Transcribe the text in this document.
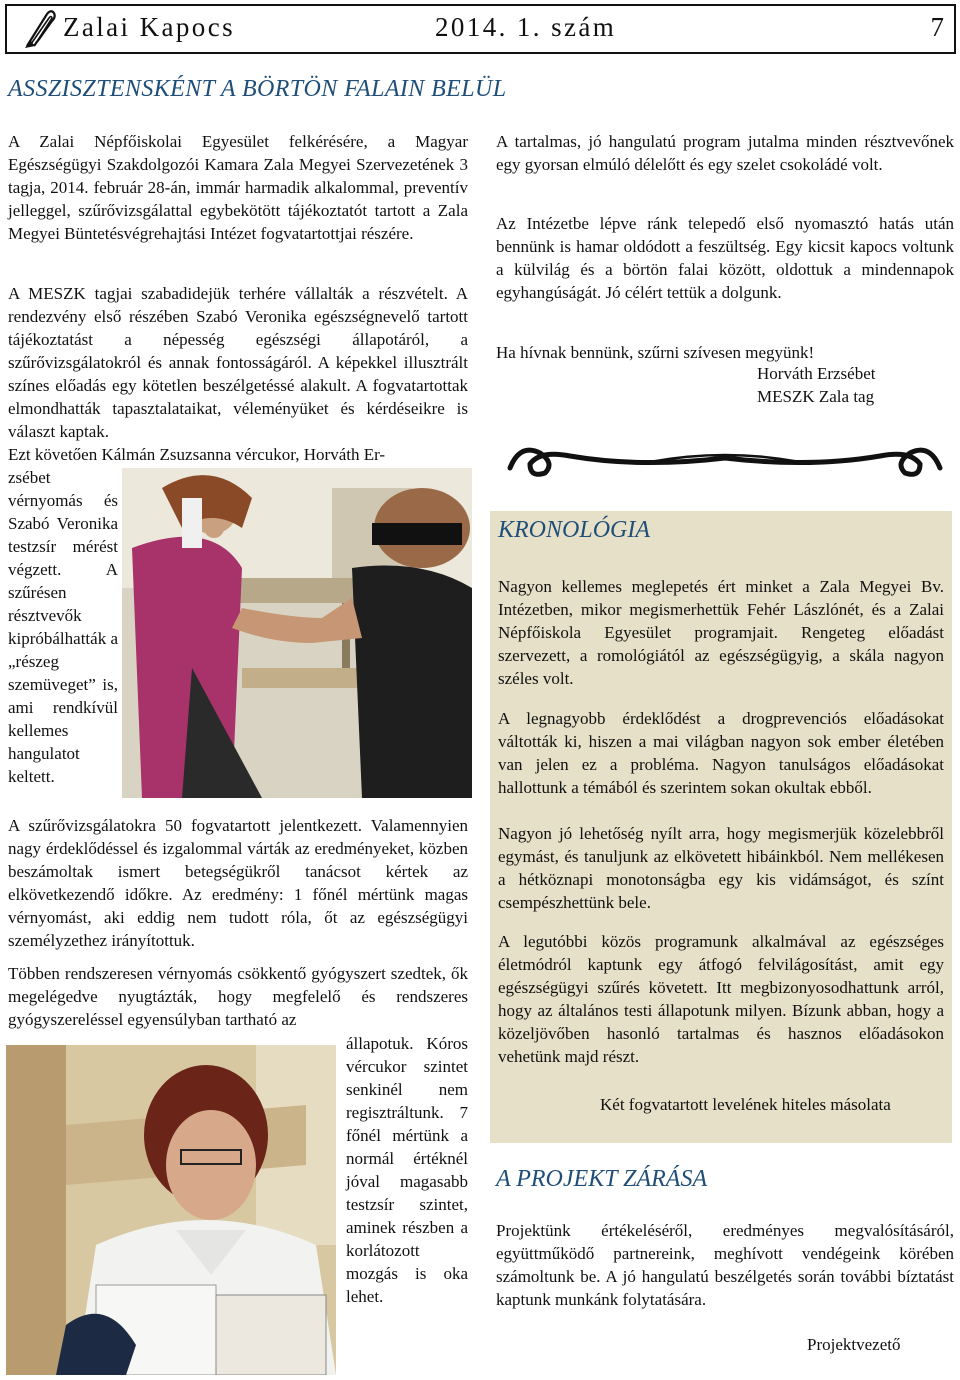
Zalai Kapocs	2014. 1. szám	7
ASSZISZTENSKÉNT A BÖRTÖN FALAIN BELÜL
A Zalai Népfőiskolai Egyesület felkérésére, a Magyar Egészségügyi Szakdolgozói Kamara Zala Megyei Szervezetének 3 tagja, 2014. február 28-án, immár harmadik alkalommal, preventív jelleggel, szűrővizsgálattal egybekötött tájékoztatót tartott a Zala Megyei Büntetésvégrehajtási Intézet fogvatartottjai részére.
A MESZK tagjai szabadidejük terhére vállalták a részvételt. A rendezvény első részében Szabó Veronika egészségnevelő tartott tájékoztatást a népesség egészségi állapotáról, a szűrővizsgálatokról és annak fontosságáról. A képekkel illusztrált színes előadás egy kötetlen beszélgetéssé alakult. A fogvatartottak elmondhatták tapasztalataikat, véleményüket és kérdéseikre is választ kaptak.
Ezt követően Kálmán Zsuzsanna vércukor, Horváth Er-
zsébet vérnyomás és Szabó Veronika testzsír mérést végzett. A szűrésen résztvevők kipróbálhatták a „részeg szemüveget” is, ami rendkívül kellemes hangulatot keltett.
A szűrővizsgálatokra 50 fogvatartott jelentkezett. Valamennyien nagy érdeklődéssel és izgalommal várták az eredményeket, közben beszámoltak ismert betegségükről tanácsot kértek az elkövetkezendő időkre. Az eredmény: 1 főnél mértünk magas vérnyomást, aki eddig nem tudott róla, őt az egészségügyi személyzethez irányítottuk.
Többen rendszeresen vérnyomás csökkentő gyógyszert szedtek, ők megelégedve nyugtázták, hogy megfelelő és rendszeres gyógyszereléssel egyensúlyban tartható az
állapotuk. Kóros vércukor szintet senkinél nem regisztráltunk. 7 főnél mértünk a normál értéknél jóval magasabb testzsír szintet, aminek részben a korlátozott mozgás is oka lehet.
A tartalmas, jó hangulatú program jutalma minden résztvevőnek egy gyorsan elmúló délelőtt és egy szelet csokoládé volt.
Az Intézetbe lépve ránk telepedő első nyomasztó hatás után bennünk is hamar oldódott a feszültség. Egy kicsit kapocs voltunk a külvilág és a börtön falai között, oldottuk a mindennapok egyhangúságát. Jó célért tettük a dolgunk.
Ha hívnak bennünk, szűrni szívesen megyünk!
Horváth Erzsébet
MESZK Zala tag
KRONOLÓGIA
Nagyon kellemes meglepetés ért minket a Zala Megyei Bv. Intézetben, mikor megismerhettük Fehér Lászlónét, és a Zalai Népfőiskola Egyesület programjait. Rengeteg előadást szervezett, a romológiától az egészségügyig, a skála nagyon széles volt.
A legnagyobb érdeklődést a drogprevenciós előadásokat váltották ki, hiszen a mai világban nagyon sok ember életében van jelen ez a probléma. Nagyon tanulságos előadásokat hallottunk a témából és szerintem sokan okultak ebből.
Nagyon jó lehetőség nyílt arra, hogy megismerjük közelebbről egymást, és tanuljunk az elkövetett hibáinkból. Nem mellékesen a hétköznapi monotonságba egy kis vidámságot, és színt csempészhettünk bele.
A legutóbbi közös programunk alkalmával az egészséges életmódról kaptunk egy átfogó felvilágosítást, amit egy egészségügyi szűrés követett. Itt megbizonyosodhattunk arról, hogy az általános testi állapotunk milyen. Bízunk abban, hogy a közeljövőben hasonló tartalmas és hasznos előadásokon vehetünk majd részt.
Két fogvatartott levelének hiteles másolata
A PROJEKT ZÁRÁSA
Projektünk értékeléséről, eredményes megvalósításáról, együttműködő partnereink, meghívott vendégeink körében számoltunk be. A jó hangulatú beszélgetés során további bíztatást kaptunk munkánk folytatására.
Projektvezető
